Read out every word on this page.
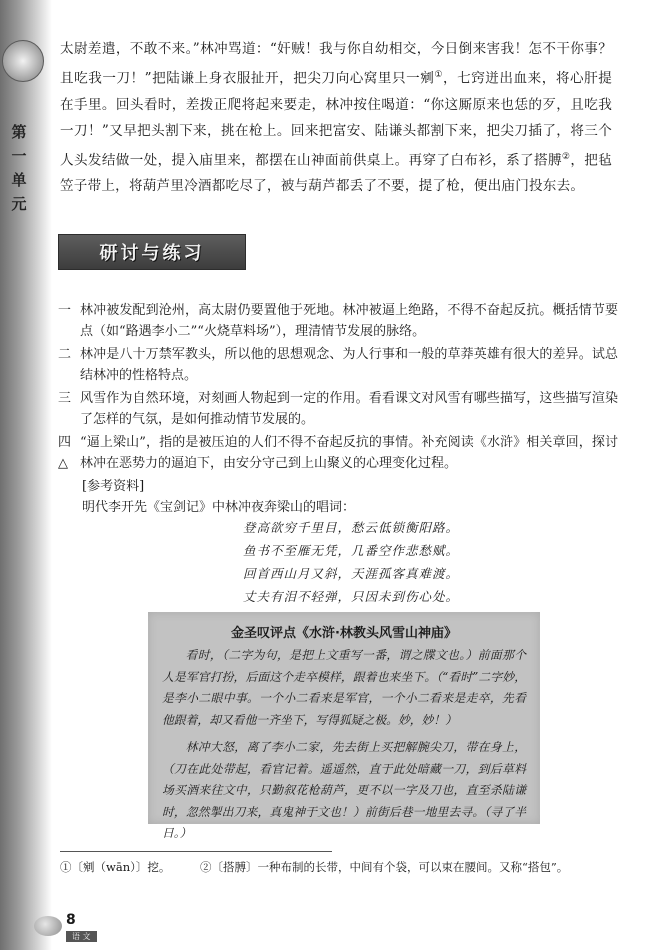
第
一
单
元
太尉差遣，不敢不来。”林冲骂道：“奸贼！我与你自幼相交，今日倒来害我！怎不干你事？且吃我一刀！”把陆谦上身衣服扯开，把尖刀向心窝里只一剜①，七窍迸出血来，将心肝提在手里。回头看时，差拨正爬将起来要走，林冲按住喝道：“你这厮原来也恁的歹，且吃我一刀！”又早把头割下来，挑在枪上。回来把富安、陆谦头都割下来，把尖刀插了，将三个人头发结做一处，提入庙里来，都摆在山神面前供桌上。再穿了白布衫，系了搭膊②，把毡笠子带上，将葫芦里冷酒都吃尽了，被与葫芦都丢了不要，提了枪，便出庙门投东去。
研讨与练习
一 林冲被发配到沧州，高太尉仍要置他于死地。林冲被逼上绝路，不得不奋起反抗。概括情节要点（如“路遇李小二”“火烧草料场”），理清情节发展的脉络。
二 林冲是八十万禁军教头，所以他的思想观念、为人行事和一般的草莽英雄有很大的差异。试总结林冲的性格特点。
三 风雪作为自然环境，对刻画人物起到一定的作用。看看课文对风雪有哪些描写，这些描写渲染了怎样的气氛，是如何推动情节发展的。
四△
“逼上梁山”，指的是被压迫的人们不得不奋起反抗的事情。补充阅读《水浒》相关章回，探讨林冲在恶势力的逼迫下，由安分守己到上山聚义的心理变化过程。
[参考资料]
明代李开先《宝剑记》中林冲夜奔梁山的唱词：
登高欲穷千里目，愁云低锁衡阳路。
鱼书不至雁无凭，几番空作悲愁赋。
回首西山月又斜，天涯孤客真难渡。
丈夫有泪不轻弹，只因未到伤心处。
金圣叹评点《水浒·林教头风雪山神庙》

看时，（二字为句，是把上文重写一番，谓之牒文也。）前面那个人是军官打扮，后面这个走卒模样，跟着也来坐下。（“看时”二字妙，是李小二眼中事。一个小二看来是军官，一个小二看来是走卒，先看他跟着，却又看他一齐坐下，写得狐疑之极。妙，妙！）

林冲大怒，离了李小二家，先去街上买把解腕尖刀，带在身上，（刀在此处带起，看官记着。遥遥然，直于此处暗藏一刀，到后草料场买酒来往文中，只勤叙花枪葫芦，更不以一字及刀也，直至杀陆谦时，忽然掣出刀来，真鬼神于文也！）前街后巷一地里去寻。（寻了半日。）

①〔剜（wān）〕挖。	②〔搭膊〕一种布制的长带，中间有个袋，可以束在腰间。又称“搭包”。
8
语 文
